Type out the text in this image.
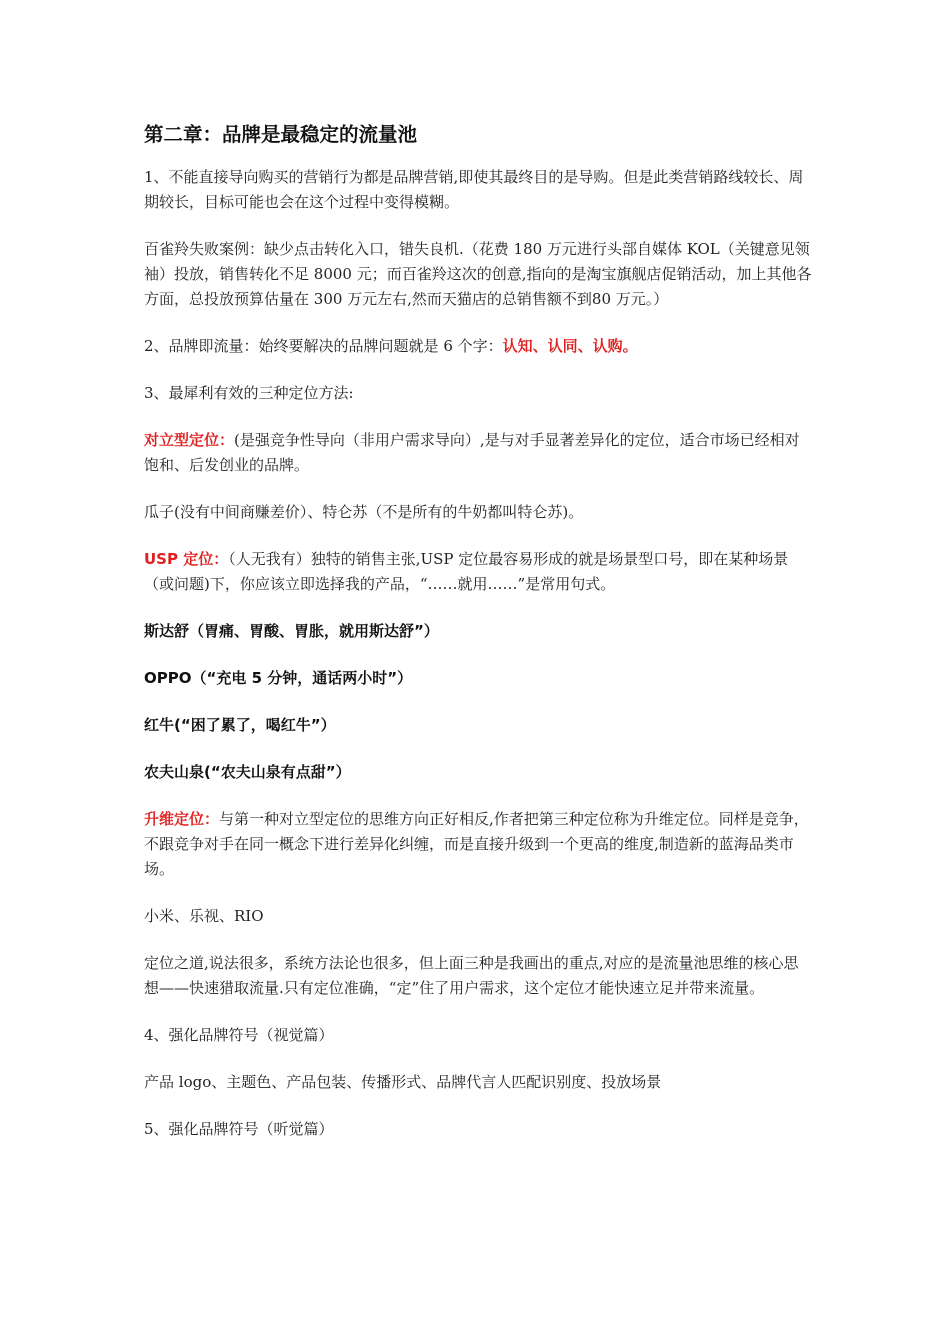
第二章：品牌是最稳定的流量池

1、不能直接导向购买的营销行为都是品牌营销,即使其最终目的是导购。但是此类营销路线较长、周期较长，目标可能也会在这个过程中变得模糊。

百雀羚失败案例：缺少点击转化入口，错失良机.（花费 180 万元进行头部自媒体 KOL（关键意见领袖）投放，销售转化不足 8000 元；而百雀羚这次的创意,指向的是淘宝旗舰店促销活动，加上其他各方面，总投放预算估量在 300 万元左右,然而天猫店的总销售额不到80 万元。）

2、品牌即流量：始终要解决的品牌问题就是 6 个字：认知、认同、认购。

3、最犀利有效的三种定位方法:

对立型定位：(是强竞争性导向（非用户需求导向）,是与对手显著差异化的定位，适合市场已经相对饱和、后发创业的品牌。

瓜子(没有中间商赚差价）、特仑苏（不是所有的牛奶都叫特仑苏)。

USP 定位：（人无我有）独特的销售主张,USP 定位最容易形成的就是场景型口号，即在某种场景（或问题)下，你应该立即选择我的产品，“……就用……”是常用句式。

斯达舒（胃痛、胃酸、胃胀，就用斯达舒”）

OPPO（“充电 5 分钟，通话两小时”）

红牛(“困了累了，喝红牛”）

农夫山泉(“农夫山泉有点甜”）

升维定位：与第一种对立型定位的思维方向正好相反,作者把第三种定位称为升维定位。同样是竞争，不跟竞争对手在同一概念下进行差异化纠缠，而是直接升级到一个更高的维度,制造新的蓝海品类市场。

小米、乐视、RIO

定位之道,说法很多，系统方法论也很多，但上面三种是我画出的重点,对应的是流量池思维的核心思想——快速猎取流量.只有定位准确，“定”住了用户需求，这个定位才能快速立足并带来流量。

4、强化品牌符号（视觉篇）

产品 logo、主题色、产品包装、传播形式、品牌代言人匹配识别度、投放场景

5、强化品牌符号（听觉篇）
